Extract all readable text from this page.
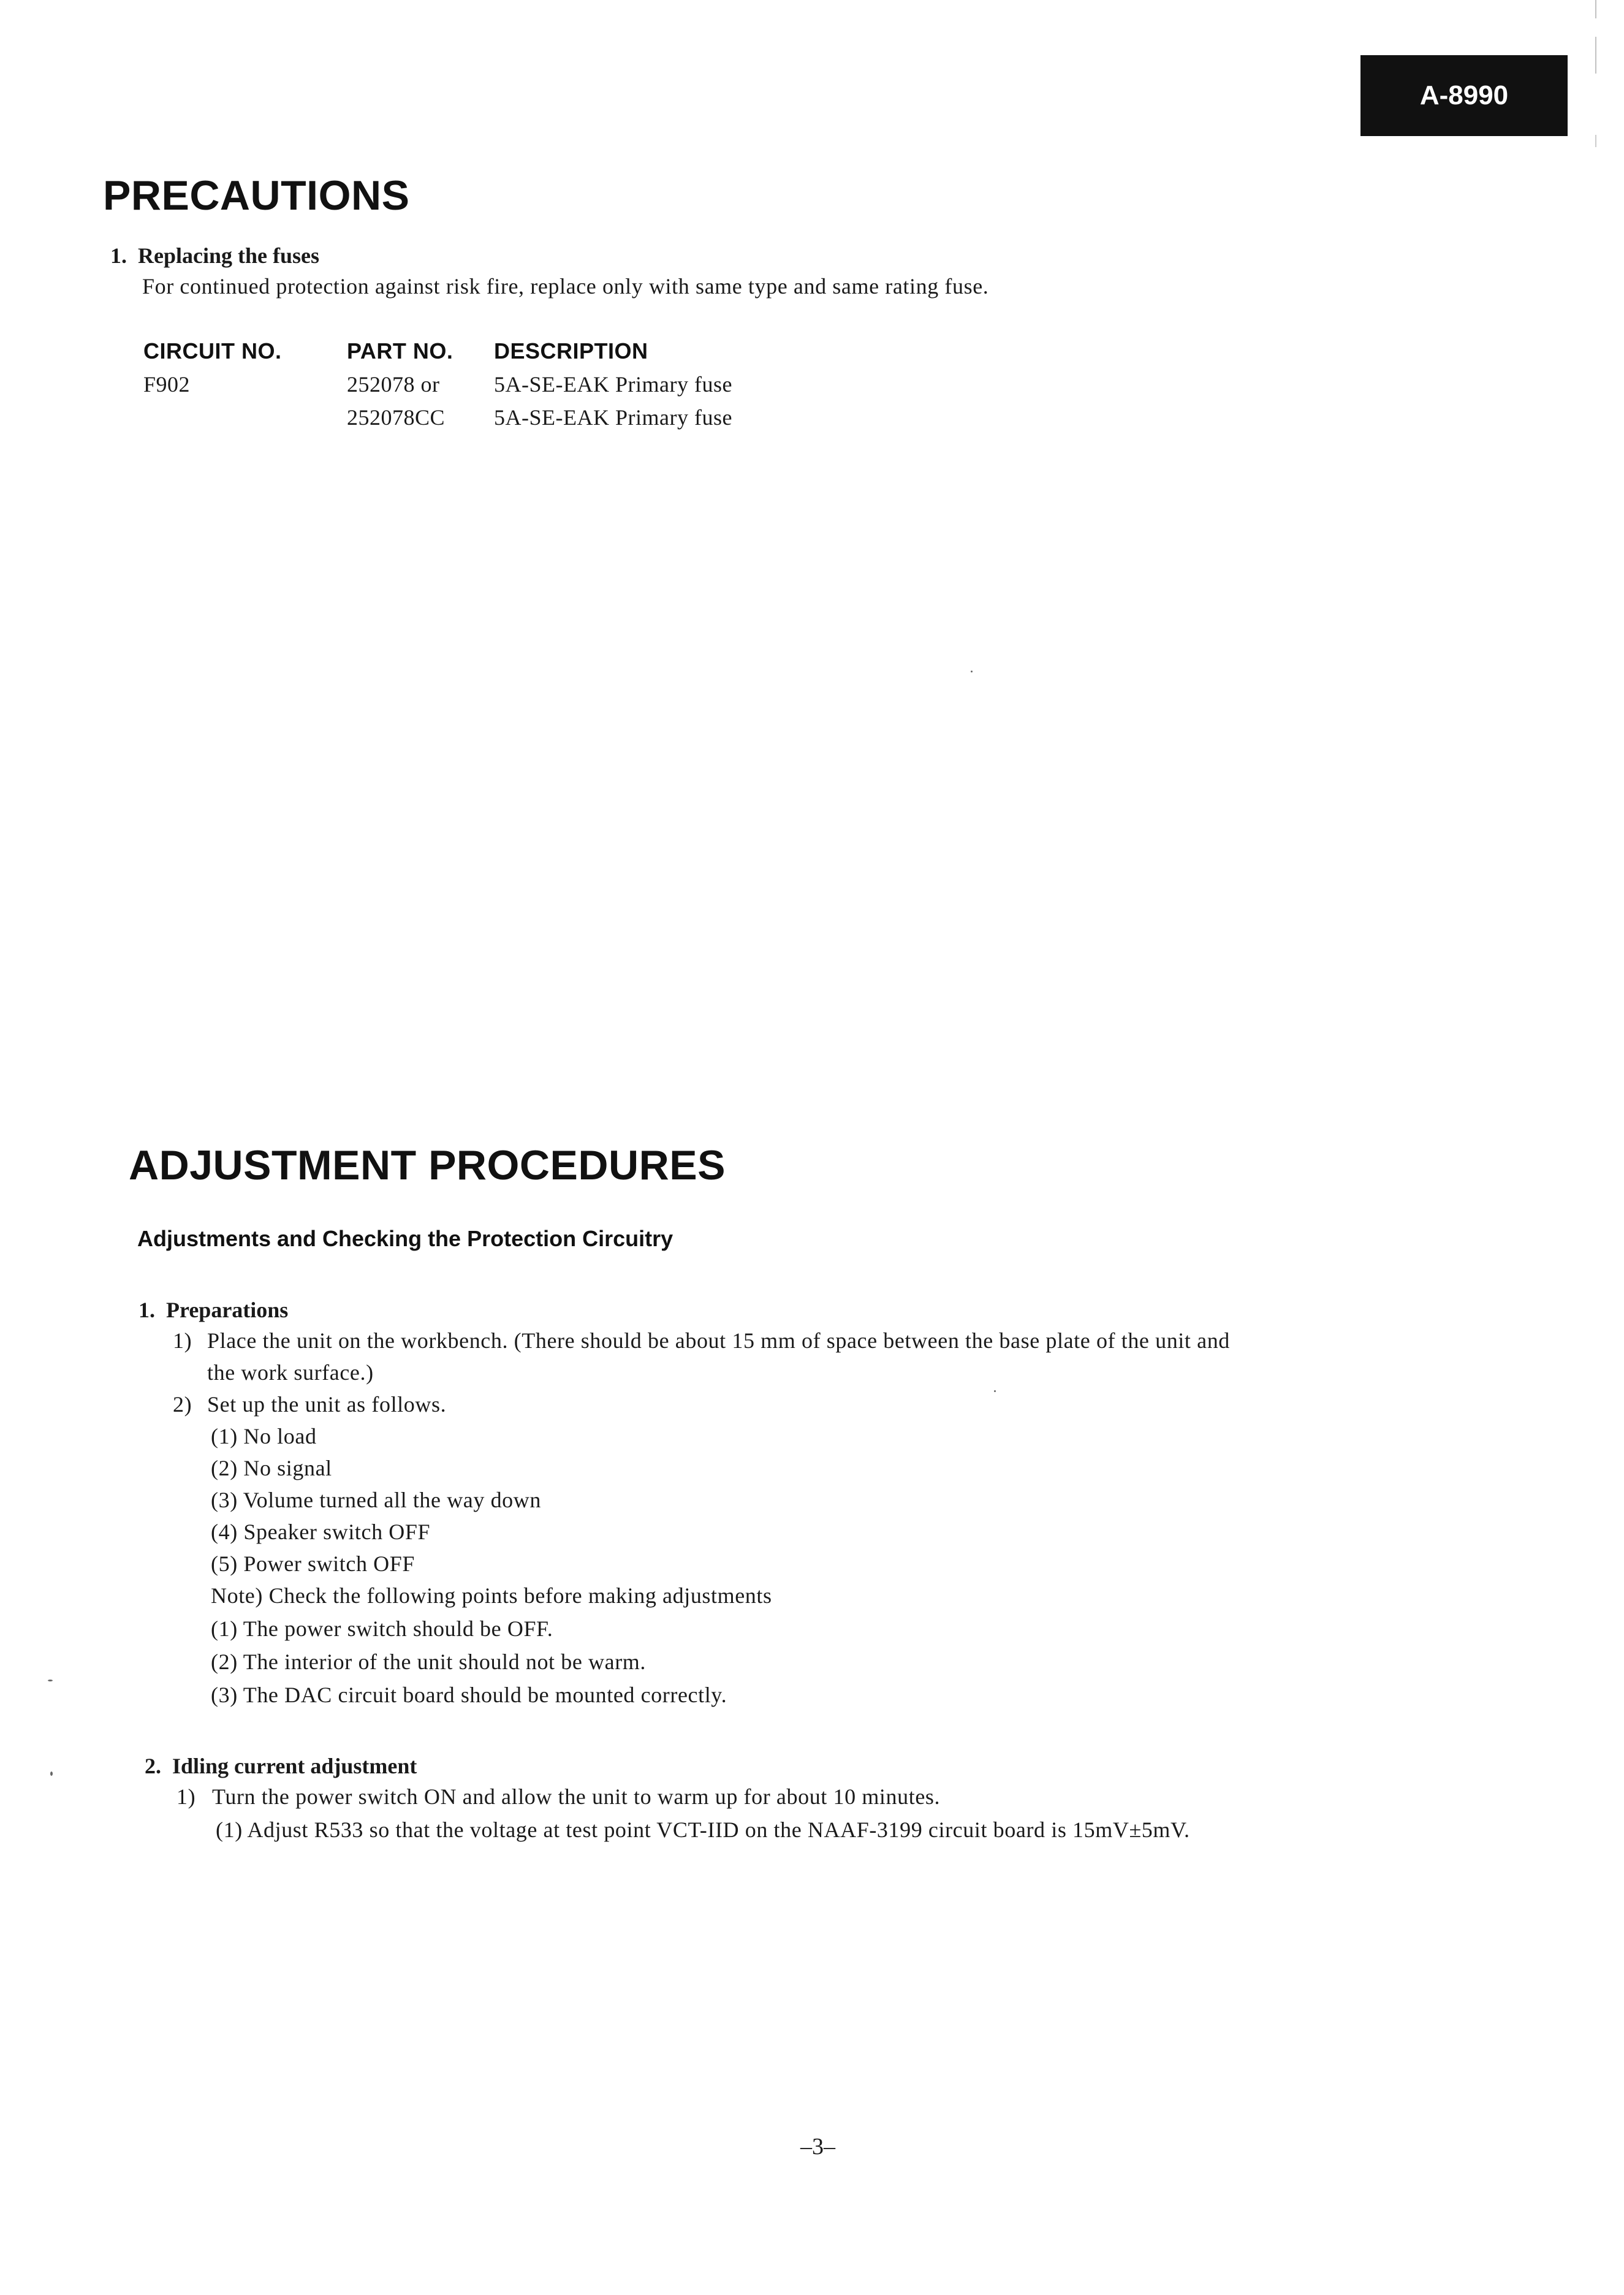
A-8990
PRECAUTIONS
1. Replacing the fuses
For continued protection against risk fire, replace only with same type and same rating fuse.
CIRCUIT NO.	PART NO. DESCRIPTION
F902	252078 or 5A-SE-EAK Primary fuse
252078CC 5A-SE-EAK Primary fuse
ADJUSTMENT PROCEDURES
Adjustments and Checking the Protection Circuitry
1. Preparations
1) Place the unit on the workbench. (There should be about 15 mm of space between the base plate of the unit and
the work surface.)
2) Set up the unit as follows.
(1) No load
(2) No signal
(3) Volume turned all the way down
(4) Speaker switch OFF
(5) Power switch OFF
Note) Check the following points before making adjustments
(1) The power switch should be OFF.
(2) The interior of the unit should not be warm.
(3) The DAC circuit board should be mounted correctly.
2. Idling current adjustment
1) Turn the power switch ON and allow the unit to warm up for about 10 minutes.
(1) Adjust R533 so that the voltage at test point VCT-IID on the NAAF-3199 circuit board is 15mV±5mV.
–3–
